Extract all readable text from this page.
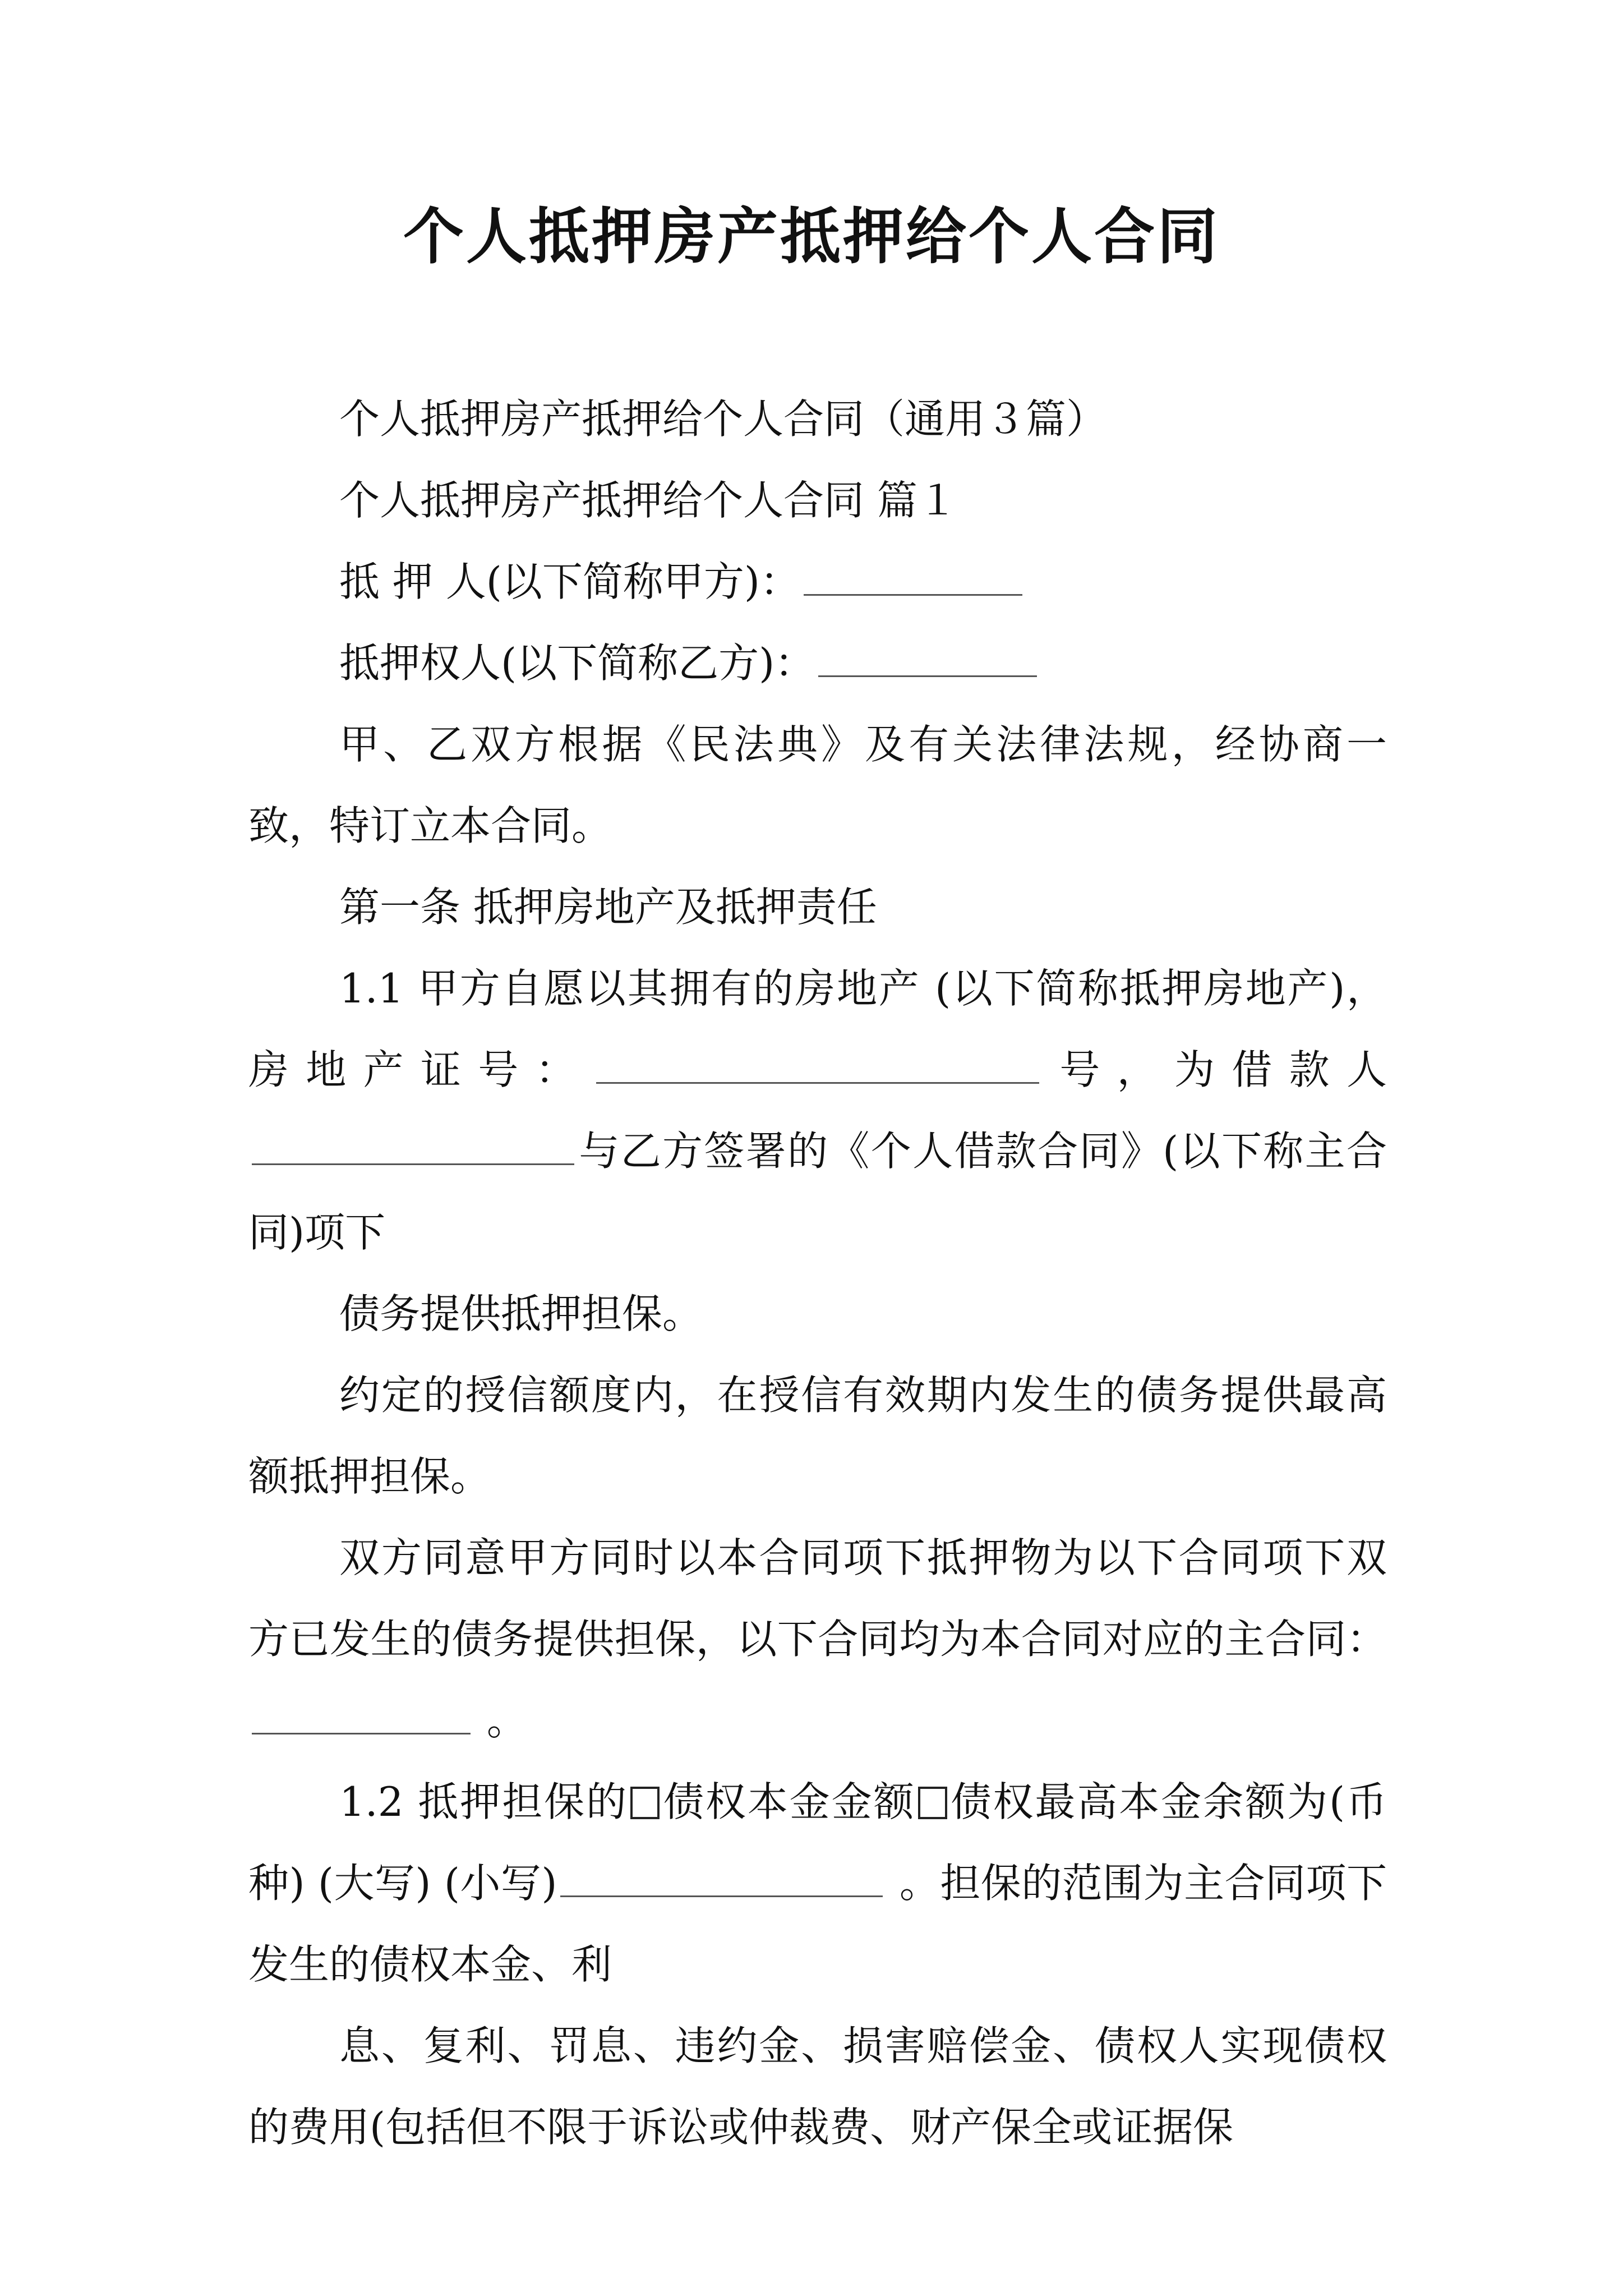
个人抵押房产抵押给个人合同

个人抵押房产抵押给个人合同（通用３篇）

个人抵押房产抵押给个人合同 篇１

抵 押 人(以下简称甲方)：

抵押权人(以下简称乙方)：

甲、乙双方根据《民法典》及有关法律法规，经协商一致，特订立本合同。

第一条 抵押房地产及抵押责任

1.1 甲方自愿以其拥有的房地产 (以下简称抵押房地产)，房地产证号：	号，为借款人与乙方签署的《个人借款合同》(以下称主合同)项下

债务提供抵押担保。

约定的授信额度内，在授信有效期内发生的债务提供最高额抵押担保。

双方同意甲方同时以本合同项下抵押物为以下合同项下双方已发生的债务提供担保，以下合同均为本合同对应的主合同： 。

1.2 抵押担保的 债权本金金额 债权最高本金余额为(币种) (大写) (小写)	。担保的范围为主合同项下发生的债权本金、利

息、复利、罚息、违约金、损害赔偿金、债权人实现债权的费用(包括但不限于诉讼或仲裁费、财产保全或证据保
